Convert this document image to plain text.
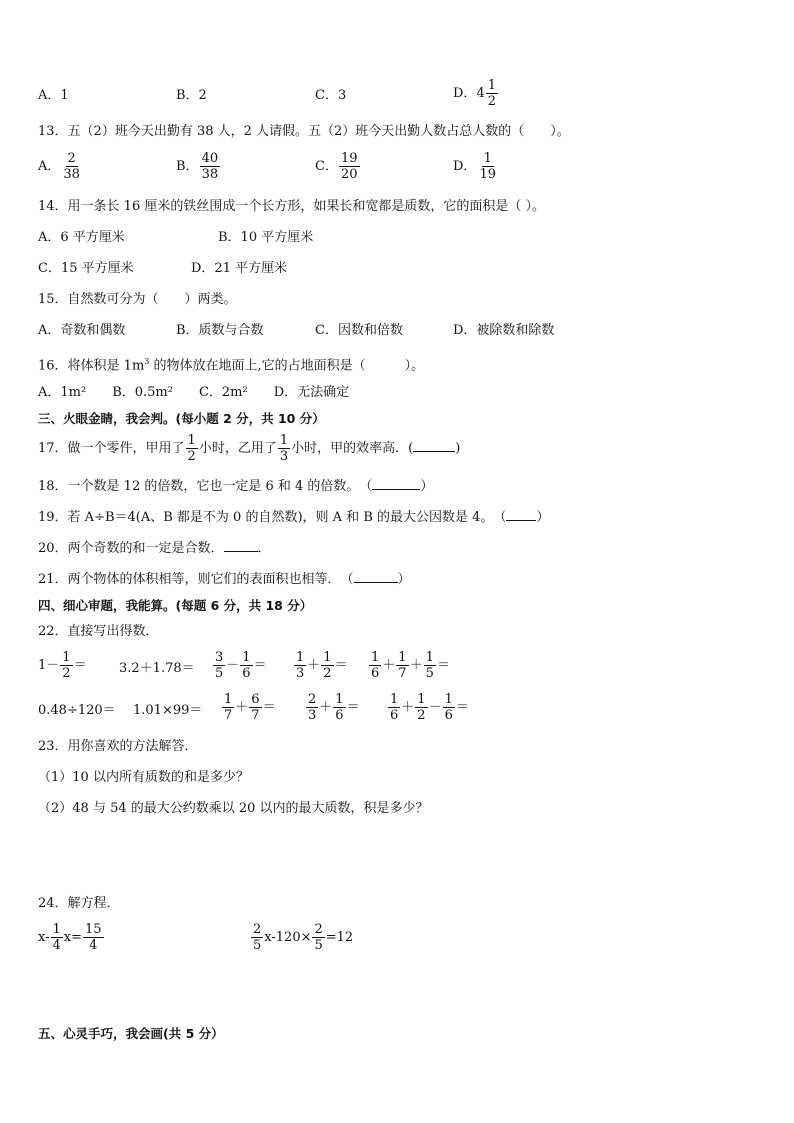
A．1	B．2	C．3	D．$4 \frac{1}{2}$
13．五（2）班今天出勤有 38 人，2 人请假。五（2）班今天出勤人数占总人数的（　　）。
A． $\frac{2}{38}$	B． $\frac{40}{38}$	C． $\frac{19}{20}$	D． $\frac{1}{19}$
14．用一条长 16 厘米的铁丝围成一个长方形，如果长和宽都是质数，它的面积是（ ）。
A．6 平方厘米	B．10 平方厘米
C．15 平方厘米	D．21 平方厘米
15．自然数可分为（　　）两类。
A．奇数和偶数	B．质数与合数	C．因数和倍数	D．被除数和除数
16．将体积是 $1m^3$ 的物体放在地面上,它的占地面积是（　　　）。
A．1m²　　B．0.5m²　　C．2m²　　D．无法确定
三、火眼金睛，我会判。(每小题 2 分，共 10 分）
17．做一个零件，甲用了 $\frac{1}{2}$ 小时，乙用了 $\frac{1}{3}$ 小时，甲的效率高．(	)
18．一个数是 12 的倍数，它也一定是 6 和 4 的倍数。　（	）
19．若 A÷B＝4(A、B 都是不为 0 的自然数)，则 A 和 B 的最大公因数是 4。　（ ）
20．两个奇数的和一定是合数．	．
21．两个物体的体积相等，则它们的表面积也相等．　（	）
四、细心审题，我能算。(每题 6 分，共 18 分）
22．直接写出得数．
$1- \frac{1}{2} = 3.2+1.78= \frac{3}{5} - \frac{1}{6} = \frac{1}{3} + \frac{1}{2} = \frac{1}{6} + \frac{1}{7} + \frac{1}{5}$ ＝
$0.48\div 120= 1.01\times 99= \frac{1}{7} + \frac{6}{7} = \frac{2}{3} + \frac{1}{6} = \frac{1}{6} + \frac{1}{2} - \frac{1}{6}$ ＝
23．用你喜欢的方法解答．
（1）10 以内所有质数的和是多少？
（2）48 与 54 的最大公约数乘以 20 以内的最大质数，积是多少？
24．解方程．
$x- \frac{1}{4} x= \frac{15}{4}$	$\frac{2}{5} x-120\times \frac{2}{5} =12$
五、心灵手巧，我会画(共 5 分）
